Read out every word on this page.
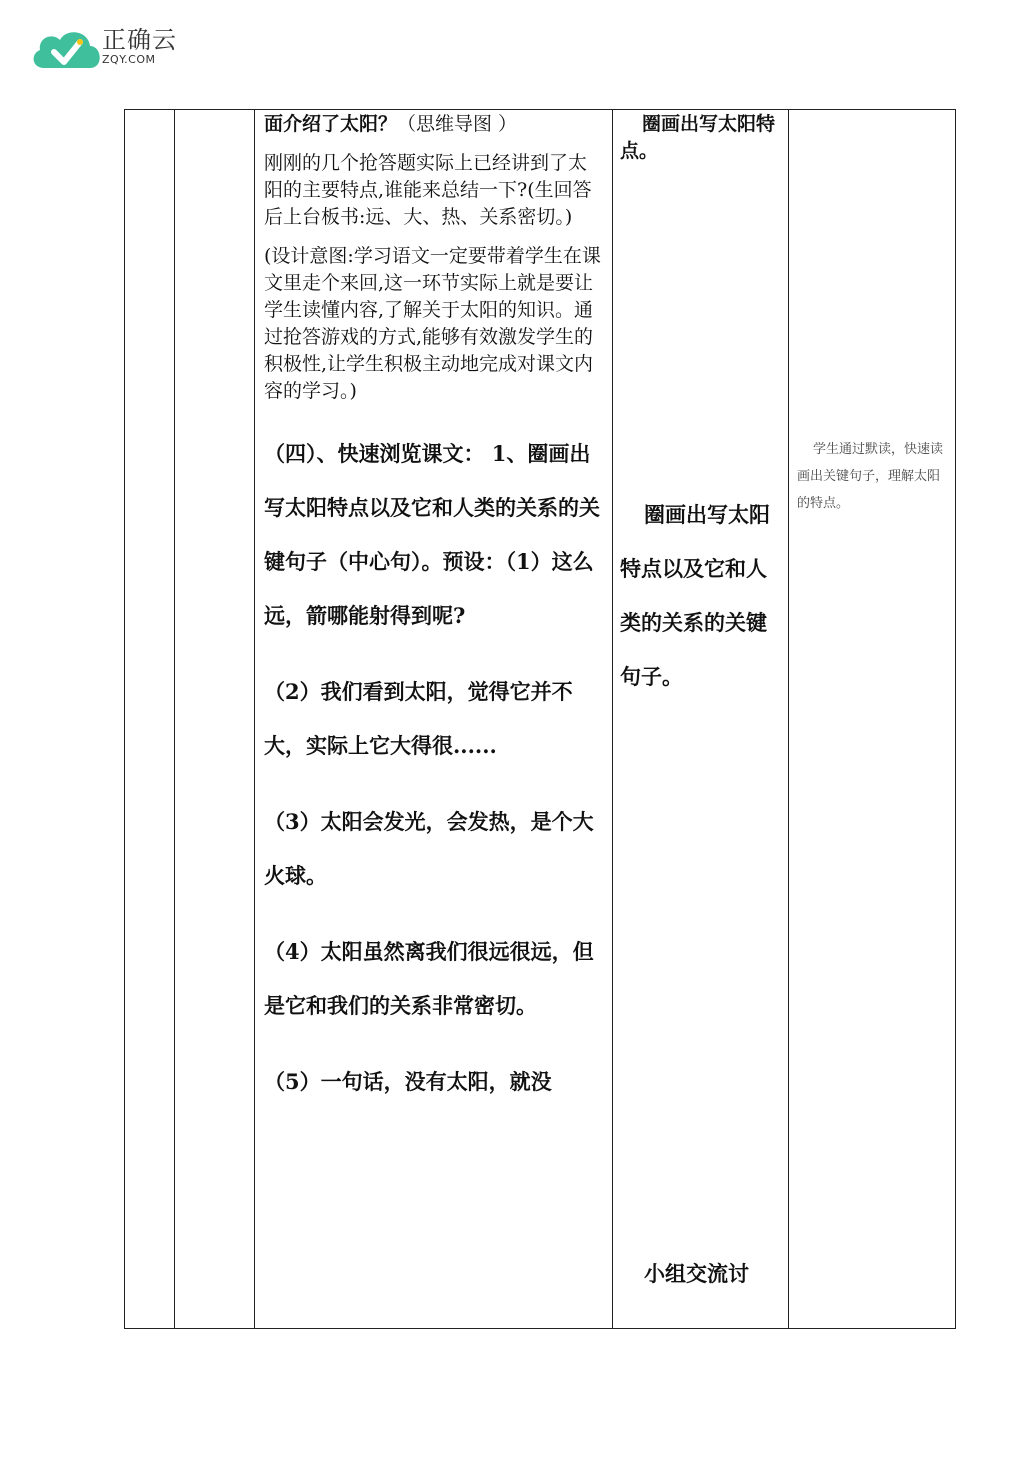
正确云
ZQY.COM

面介绍了太阳？（思维导图 ）

刚刚的几个抢答题实际上已经讲到了太阳的主要特点,谁能来总结一下?(生回答后上台板书:远、大、热、关系密切。)

(设计意图:学习语文一定要带着学生在课文里走个来回,这一环节实际上就是要让学生读懂内容,了解关于太阳的知识。通过抢答游戏的方式,能够有效激发学生的积极性,让学生积极主动地完成对课文内容的学习。)

（四）、快速浏览课文： 1、圈画出写太阳特点以及它和人类的关系的关键句子（中心句）。预设：（1）这么远，箭哪能射得到呢?

（2）我们看到太阳，觉得它并不大，实际上它大得很......

（3）太阳会发光，会发热，是个大火球。

（4）太阳虽然离我们很远很远，但是它和我们的关系非常密切。

（5）一句话，没有太阳，就没

圈画出写太阳特点。

圈画出写太阳特点以及它和人类的关系的关键句子。

小组交流讨

学生通过默读，快速读画出关键句子，理解太阳的特点。
